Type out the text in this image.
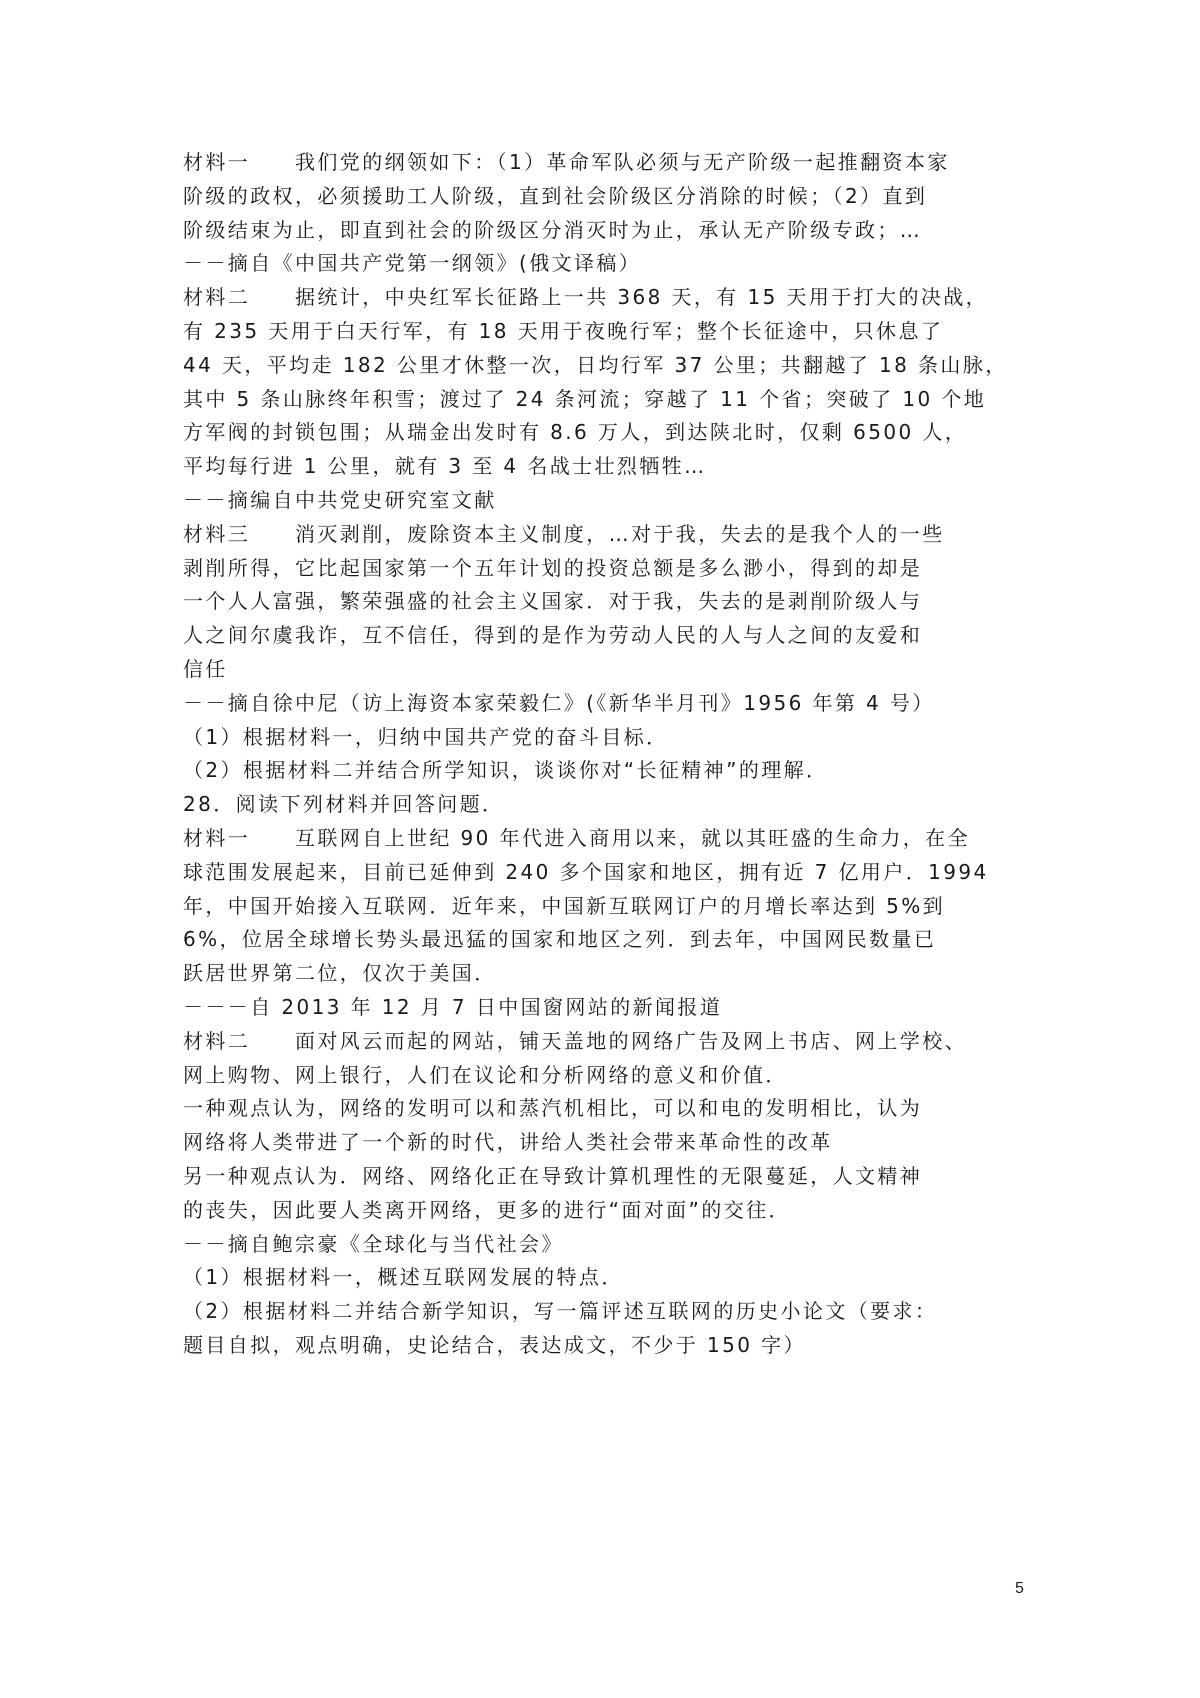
材料一　　我们党的纲领如下：（1）革命军队必须与无产阶级一起推翻资本家
阶级的政权，必须援助工人阶级，直到社会阶级区分消除的时候；（2）直到
阶级结束为止，即直到社会的阶级区分消灭时为止，承认无产阶级专政；…
－－摘自《中国共产党第一纲领》(俄文译稿）
材料二　　据统计，中央红军长征路上一共 368 天，有 15 天用于打大的决战，
有 235 天用于白天行军，有 18 天用于夜晚行军；整个长征途中，只休息了
44 天，平均走 182 公里才休整一次，日均行军 37 公里；共翻越了 18 条山脉，
其中 5 条山脉终年积雪；渡过了 24 条河流；穿越了 11 个省；突破了 10 个地
方军阀的封锁包围；从瑞金出发时有 8.6 万人，到达陕北时，仅剩 6500 人，
平均每行进 1 公里，就有 3 至 4 名战士壮烈牺牲…
－－摘编自中共党史研究室文献
材料三　　消灭剥削，废除资本主义制度，…对于我，失去的是我个人的一些
剥削所得，它比起国家第一个五年计划的投资总额是多么渺小，得到的却是
一个人人富强，繁荣强盛的社会主义国家．对于我，失去的是剥削阶级人与
人之间尔虞我诈，互不信任，得到的是作为劳动人民的人与人之间的友爱和
信任
－－摘自徐中尼（访上海资本家荣毅仁》(《新华半月刊》1956 年第 4 号）
（1）根据材料一，归纳中国共产党的奋斗目标．
（2）根据材料二并结合所学知识，谈谈你对“长征精神”的理解．
28．阅读下列材料并回答问题．
材料一　　互联网自上世纪 90 年代进入商用以来，就以其旺盛的生命力，在全
球范围发展起来，目前已延伸到 240 多个国家和地区，拥有近 7 亿用户．1994
年，中国开始接入互联网．近年来，中国新互联网订户的月增长率达到 5%到
6%，位居全球增长势头最迅猛的国家和地区之列．到去年，中国网民数量已
跃居世界第二位，仅次于美国．
－－－自 2013 年 12 月 7 日中国窗网站的新闻报道
材料二　　面对风云而起的网站，铺天盖地的网络广告及网上书店、网上学校、
网上购物、网上银行，人们在议论和分析网络的意义和价值．
一种观点认为，网络的发明可以和蒸汽机相比，可以和电的发明相比，认为
网络将人类带进了一个新的时代，讲给人类社会带来革命性的改革
另一种观点认为．网络、网络化正在导致计算机理性的无限蔓延，人文精神
的丧失，因此要人类离开网络，更多的进行“面对面”的交往．
－－摘自鲍宗豪《全球化与当代社会》
（1）根据材料一，概述互联网发展的特点．
（2）根据材料二并结合新学知识，写一篇评述互联网的历史小论文（要求：
题目自拟，观点明确，史论结合，表达成文，不少于 150 字）
5
